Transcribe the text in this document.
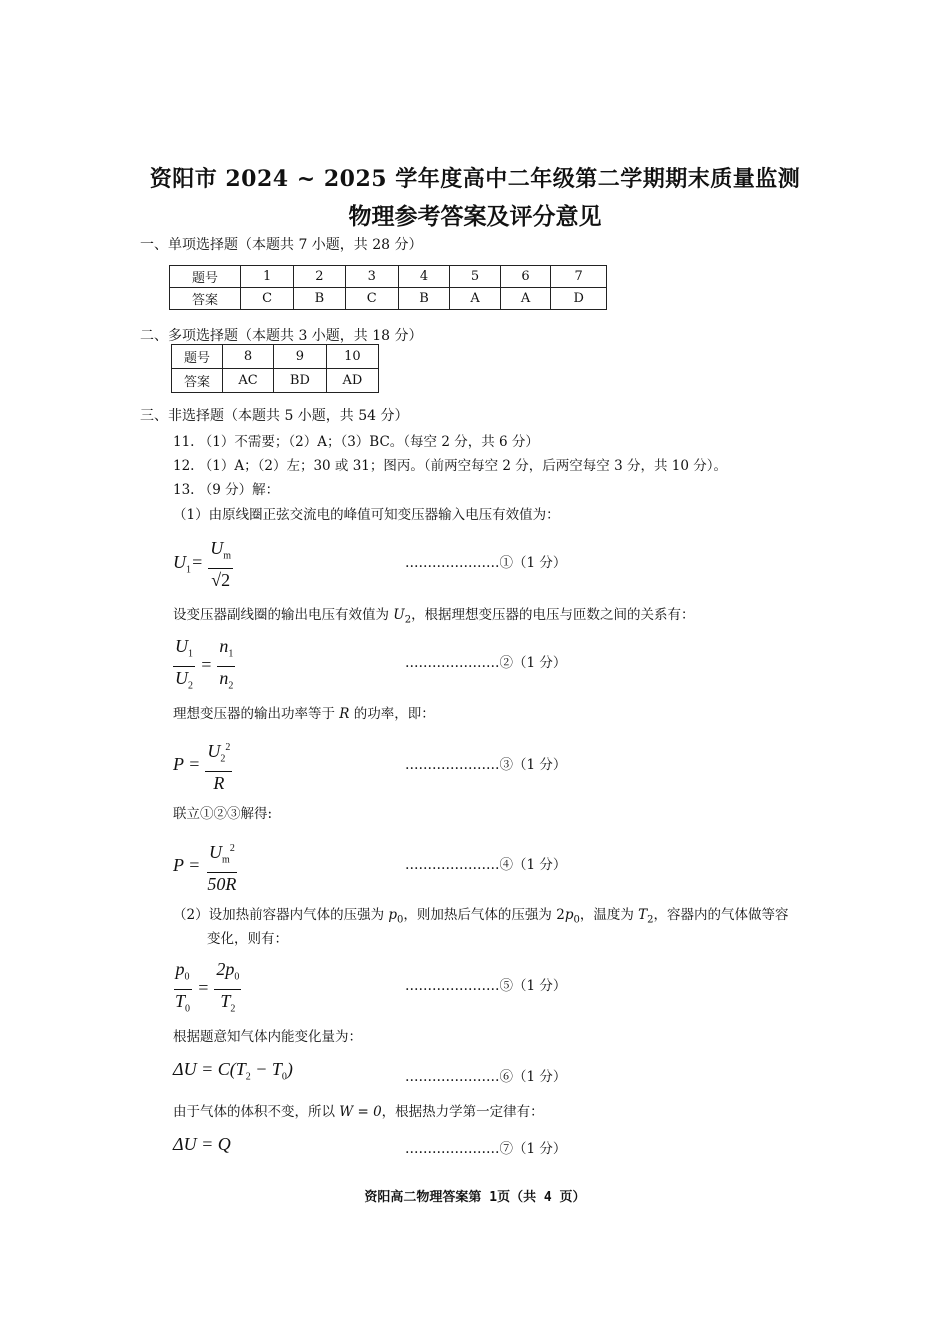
资阳市 2024 ~ 2025 学年度高中二年级第二学期期末质量监测
物理参考答案及评分意见
一、单项选择题（本题共 7 小题，共 28 分）
题号	1	2	3	4	5	6	7
答案	C	B	C	B	A	A	D
二、多项选择题（本题共 3 小题，共 18 分）
题号	8	9	10
答案	AC	BD	AD
三、非选择题（本题共 5 小题，共 54 分）
11. （1）不需要；（2）A；（3）BC。（每空 2 分，共 6 分）
12. （1）A；（2）左；30 或 31；图丙。（前两空每空 2 分，后两空每空 3 分，共 10 分）。
13. （9 分）解：
（1）由原线圈正弦交流电的峰值可知变压器输入电压有效值为：
$U_1= \frac{U_m}{√2}$	…………………①（1 分）
设变压器副线圈的输出电压有效值为 $U_2$，根据理想变压器的电压与匝数之间的关系有：
$\frac{U_1}{U_2} = \frac{n_1}{n_2}$	…………………②（1 分）
理想变压器的输出功率等于 R 的功率，即：
$P = \frac{U_2^2}{R}$	…………………③（1 分）
联立①②③解得:
$P = \frac{U_m^2}{50R}$	…………………④（1 分）
（2）设加热前容器内气体的压强为 $p_0$，则加热后气体的压强为 $2p_0$，温度为 $T_2$，容器内的气体做等容
变化，则有：
$\frac{p_0}{T_0} = \frac{2p_0}{T_2}$	…………………⑤（1 分）
根据题意知气体内能变化量为：
$\Delta U = C(T_2 - T_0)$	…………………⑥（1 分）
由于气体的体积不变，所以 W = 0，根据热力学第一定律有：
ΔU = Q	…………………⑦（1 分）
资阳高二物理答案第 1页（共 4 页）
